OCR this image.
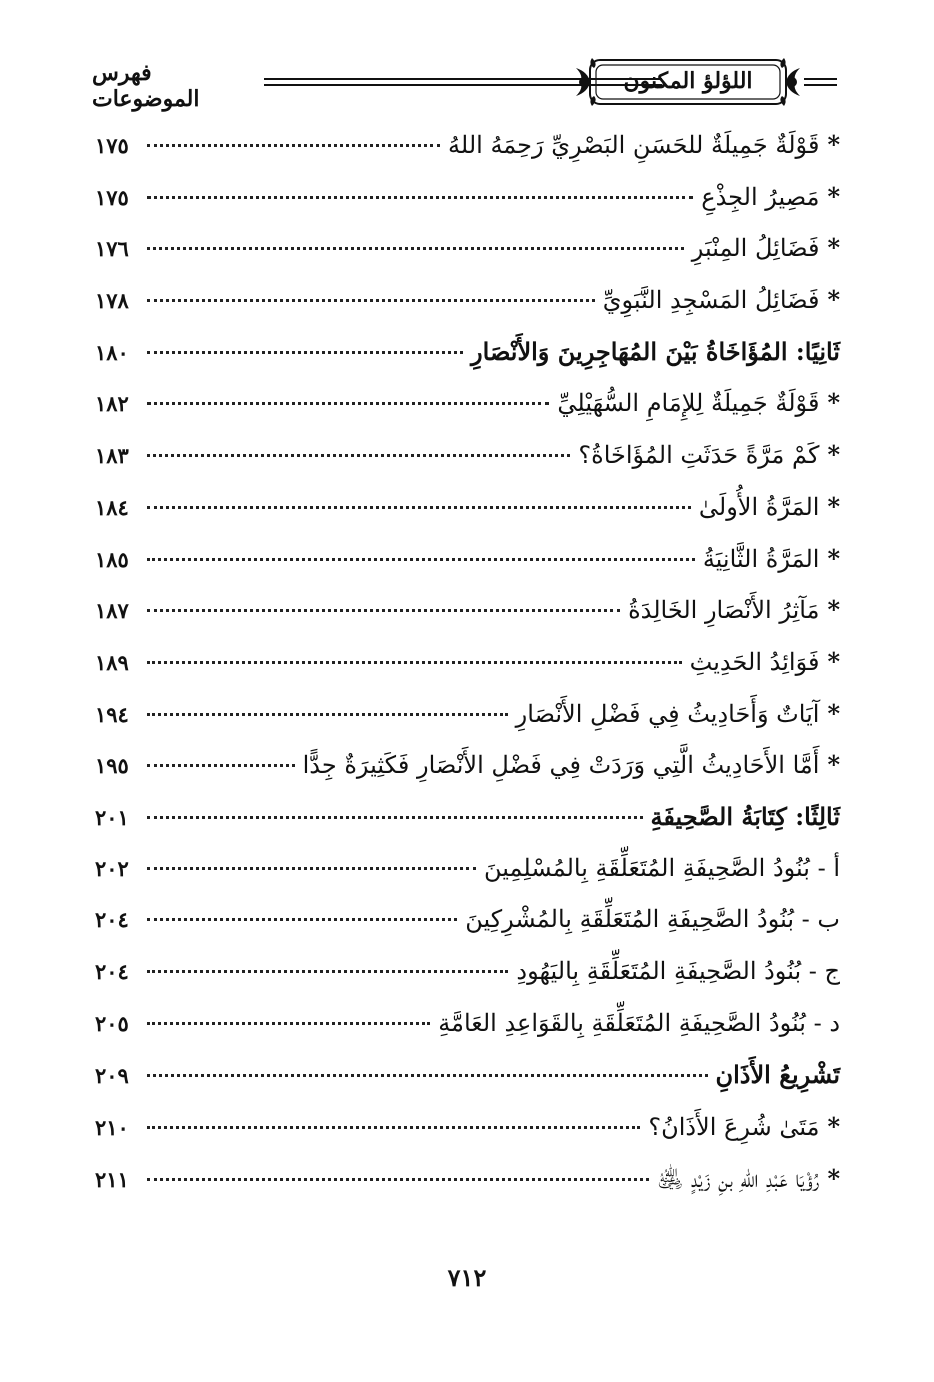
فهرس الموضوعات
اللؤلؤ المكنون
*
قَوْلَةٌ جَمِيلَةٌ للحَسَنِ البَصْرِيِّ رَحِمَهُ اللهُ
١٧٥
*
مَصِيرُ الجِذْعِ
١٧٥
*
فَضَائِلُ المِنْبَرِ
١٧٦
*
فَضَائِلُ المَسْجِدِ النَّبَوِيِّ
١٧٨
ثَانِيًا: المُؤَاخَاةُ بَيْنَ المُهَاجِرِينَ وَالأَنْصَارِ
١٨٠
*
قَوْلَةٌ جَمِيلَةٌ لِلإِمَامِ السُّهَيْلِيِّ
١٨٢
*
كَمْ مَرَّةً حَدَثَتِ المُؤَاخَاةُ؟
١٨٣
*
المَرَّةُ الأُولَىٰ
١٨٤
*
المَرَّةُ الثَّانِيَةُ
١٨٥
*
مَآثِرُ الأَنْصَارِ الخَالِدَةُ
١٨٧
*
فَوَائِدُ الحَدِيثِ
١٨٩
*
آيَاتٌ وَأَحَادِيثُ فِي فَضْلِ الأَنْصَارِ
١٩٤
*
أَمَّا الأَحَادِيثُ الَّتِي وَرَدَتْ فِي فَضْلِ الأَنْصَارِ فَكَثِيرَةٌ جِدًّا
١٩٥
ثَالِثًا: كِتَابَةُ الصَّحِيفَةِ
٢٠١
أ - بُنُودُ الصَّحِيفَةِ المُتَعَلِّقَةِ بِالمُسْلِمِينَ
٢٠٢
ب - بُنُودُ الصَّحِيفَةِ المُتَعَلِّقَةِ بِالمُشْرِكِينَ
٢٠٤
ج - بُنُودُ الصَّحِيفَةِ المُتَعَلِّقَةِ بِاليَهُودِ
٢٠٤
د - بُنُودُ الصَّحِيفَةِ المُتَعَلِّقَةِ بِالقَوَاعِدِ العَامَّةِ
٢٠٥
تَشْرِيعُ الأَذَانِ
٢٠٩
*
مَتَىٰ شُرِعَ الأَذَانُ؟
٢١٠
*
رُؤْيَا عَبْدِ اللهِ بنِ زَيْدٍ ﵁
٢١١
٧١٢
